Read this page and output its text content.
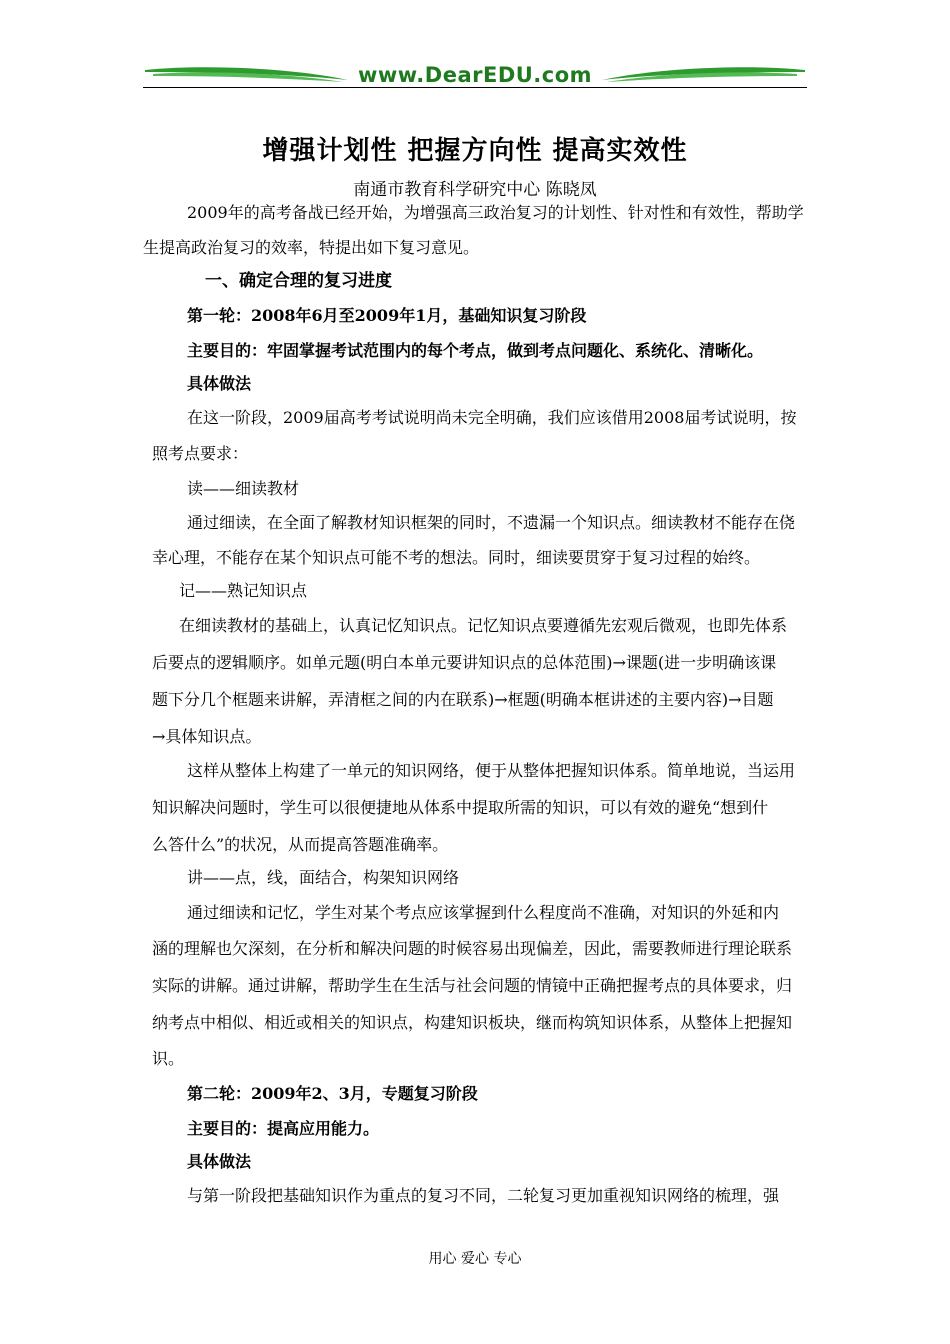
www.DearEDU.com
增强计划性 把握方向性 提高实效性
南通市教育科学研究中心 陈晓凤
2009年的高考备战已经开始，为增强高三政治复习的计划性、针对性和有效性，帮助学
生提高政治复习的效率，特提出如下复习意见。
一、确定合理的复习进度
第一轮：2008年6月至2009年1月，基础知识复习阶段
主要目的：牢固掌握考试范围内的每个考点，做到考点问题化、系统化、清晰化。
具体做法
在这一阶段，2009届高考考试说明尚未完全明确，我们应该借用2008届考试说明，按
照考点要求：
读——细读教材
通过细读，在全面了解教材知识框架的同时，不遗漏一个知识点。细读教材不能存在侥
幸心理，不能存在某个知识点可能不考的想法。同时，细读要贯穿于复习过程的始终。
记——熟记知识点
在细读教材的基础上，认真记忆知识点。记忆知识点要遵循先宏观后微观，也即先体系
后要点的逻辑顺序。如单元题(明白本单元要讲知识点的总体范围)→课题(进一步明确该课
题下分几个框题来讲解，弄清框之间的内在联系)→框题(明确本框讲述的主要内容)→目题
→具体知识点。
这样从整体上构建了一单元的知识网络，便于从整体把握知识体系。简单地说，当运用
知识解决问题时，学生可以很便捷地从体系中提取所需的知识，可以有效的避免“想到什
么答什么”的状况，从而提高答题准确率。
讲——点，线，面结合，构架知识网络
通过细读和记忆，学生对某个考点应该掌握到什么程度尚不准确，对知识的外延和内
涵的理解也欠深刻，在分析和解决问题的时候容易出现偏差，因此，需要教师进行理论联系
实际的讲解。通过讲解，帮助学生在生活与社会问题的情镜中正确把握考点的具体要求，归
纳考点中相似、相近或相关的知识点，构建知识板块，继而构筑知识体系，从整体上把握知
识。
第二轮：2009年2、3月，专题复习阶段
主要目的：提高应用能力。
具体做法
与第一阶段把基础知识作为重点的复习不同，二轮复习更加重视知识网络的梳理，强
用心 爱心 专心
